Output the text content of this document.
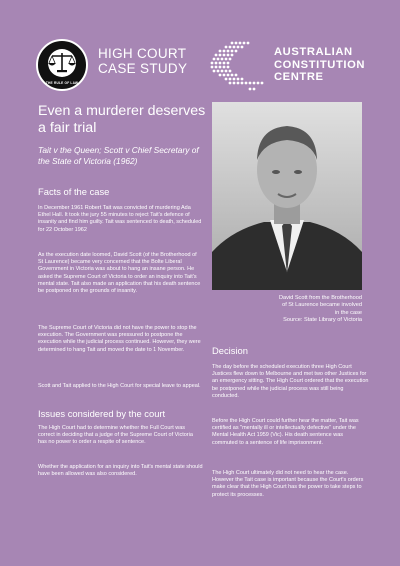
THE RULE OF LAW
HIGH COURT
CASE STUDY
AUSTRALIAN
CONSTITUTION
CENTRE
Even a murderer deserves a fair trial
Tait v the Queen; Scott v Chief Secretary of the State of Victoria (1962)
Facts of the case
In December 1961 Robert Tait was convicted of murdering Ada Ethel Hall. It took the jury 55 minutes to reject Tait's defence of insanity and find him guilty. Tait was sentenced to death, scheduled for 22 October 1962
As the execution date loomed, David Scott (of the Brotherhood of St Laurence) became very concerned that the Bolte Liberal Government in Victoria was about to hang an insane person. He asked the Supreme Court of Victoria to order an inquiry into Tait's mental state. Tait also made an application that his death sentence be postponed on the grounds of insanity.
The Supreme Court of Victoria did not have the power to stop the execution. The Government was pressured to postpone the execution while the judicial process continued. However, they were determined to hang Tait and moved the date to 1 November.
Scott and Tait applied to the High Court for special leave to appeal.
Issues considered by the court
The High Court had to determine whether the Full Court was correct in deciding that a judge of the Supreme Court of Victoria has no power to order a respite of sentence.
Whether the application for an inquiry into Tait's mental state should have been allowed was also considered.
David Scott from the Brotherhood
of St Laurence became involved
in the case
Source: State Library of Victoria
Decision
The day before the scheduled execution three High Court Justices flew down to Melbourne and met two other Justices for an emergency sitting. The High Court ordered that the execution be postponed while the judicial process was still being conducted.
Before the High Court could further hear the matter, Tait was certified as "mentally ill or intellectually defective" under the Mental Health Act 1959 (Vic). His death sentence was commuted to a sentence of life imprisonment.
The High Court ultimately did not need to hear the case. However the Tait case is important because the Court's orders make clear that the High Court has the power to take steps to protect its processes.
